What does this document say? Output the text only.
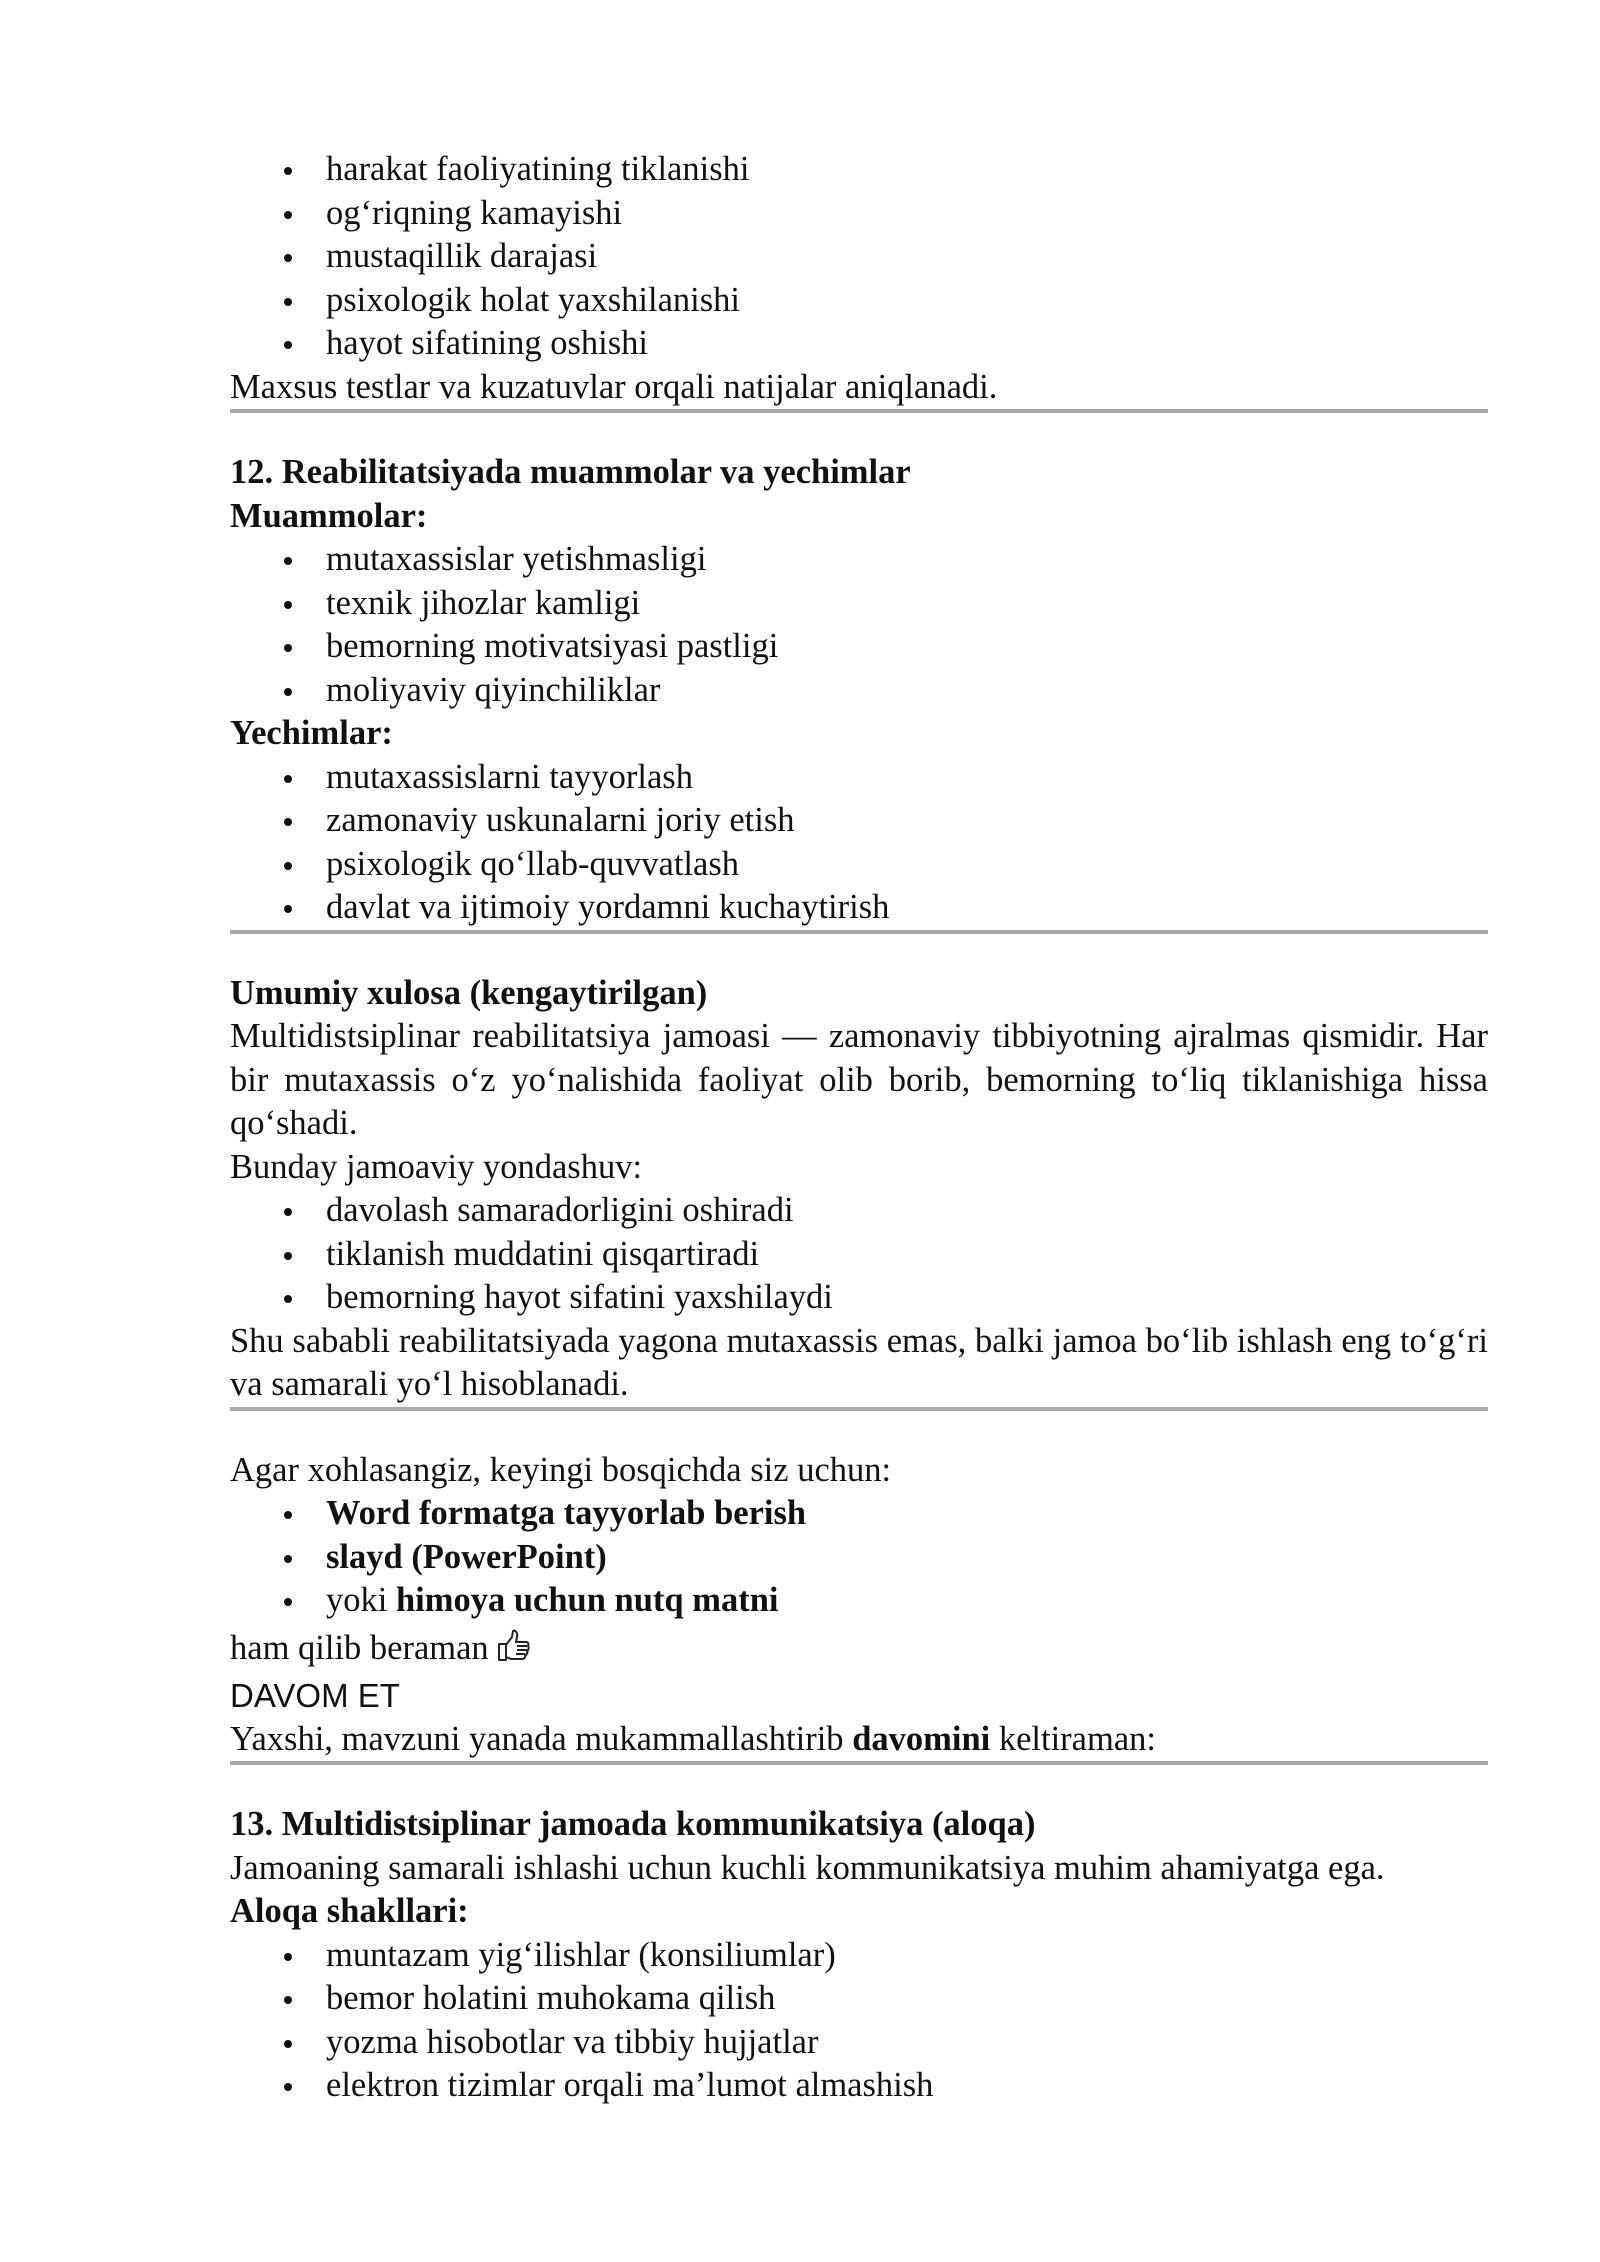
harakat faoliyatining tiklanishi
og‘riqning kamayishi
mustaqillik darajasi
psixologik holat yaxshilanishi
hayot sifatining oshishi

Maxsus testlar va kuzatuvlar orqali natijalar aniqlanadi.

12. Reabilitatsiyada muammolar va yechimlar

Muammolar:

mutaxassislar yetishmasligi
texnik jihozlar kamligi
bemorning motivatsiyasi pastligi
moliyaviy qiyinchiliklar

Yechimlar:

mutaxassislarni tayyorlash
zamonaviy uskunalarni joriy etish
psixologik qo‘llab-quvvatlash
davlat va ijtimoiy yordamni kuchaytirish
Umumiy xulosa (kengaytirilgan)

Multidistsiplinar reabilitatsiya jamoasi — zamonaviy tibbiyotning ajralmas qismidir. Har bir mutaxassis o‘z yo‘nalishida faoliyat olib borib, bemorning to‘liq tiklanishiga hissa qo‘shadi.

Bunday jamoaviy yondashuv:

davolash samaradorligini oshiradi
tiklanish muddatini qisqartiradi
bemorning hayot sifatini yaxshilaydi

Shu sababli reabilitatsiyada yagona mutaxassis emas, balki jamoa bo‘lib ishlash eng to‘g‘ri va samarali yo‘l hisoblanadi.

Agar xohlasangiz, keyingi bosqichda siz uchun:

Word formatga tayyorlab berish
slayd (PowerPoint)
yoki himoya uchun nutq matni

ham qilib beraman

DAVOM ET

Yaxshi, mavzuni yanada mukammallashtirib davomini keltiraman:

13. Multidistsiplinar jamoada kommunikatsiya (aloqa)

Jamoaning samarali ishlashi uchun kuchli kommunikatsiya muhim ahamiyatga ega.

Aloqa shakllari:

muntazam yig‘ilishlar (konsiliumlar)
bemor holatini muhokama qilish
yozma hisobotlar va tibbiy hujjatlar
elektron tizimlar orqali ma’lumot almashish
